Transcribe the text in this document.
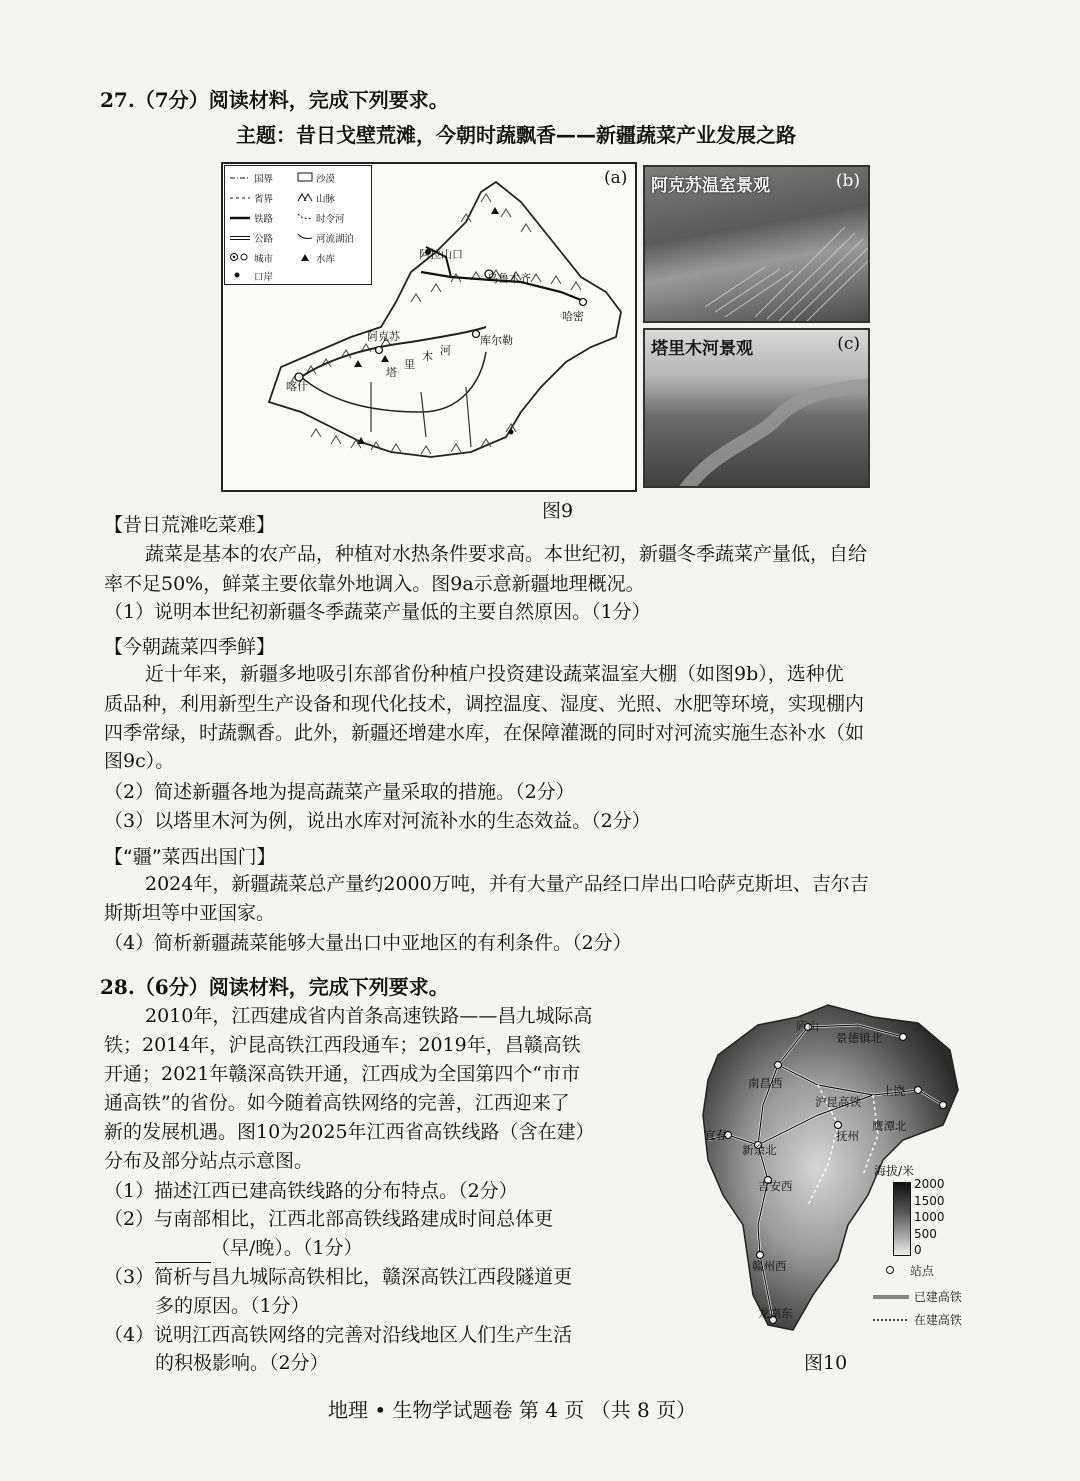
27.（7分）阅读材料，完成下列要求。
主题：昔日戈壁荒滩，今朝时蔬飘香——新疆蔬菜产业发展之路
国界	沙漠
省界	山脉
铁路	时令河
公路	河流湖泊
城市	水库
口岸
(a)
阿拉山口
乌鲁木齐
哈密
喀什
阿克苏	库尔勒
塔
里
木 河
阿克苏温室景观	(b)
塔里木河景观	(c)
图9
【昔日荒滩吃菜难】
蔬菜是基本的农产品，种植对水热条件要求高。本世纪初，新疆冬季蔬菜产量低，自给
率不足50%，鲜菜主要依靠外地调入。图9a示意新疆地理概况。
（1）说明本世纪初新疆冬季蔬菜产量低的主要自然原因。（1分）
【今朝蔬菜四季鲜】
近十年来，新疆多地吸引东部省份种植户投资建设蔬菜温室大棚（如图9b），选种优
质品种，利用新型生产设备和现代化技术，调控温度、湿度、光照、水肥等环境，实现棚内
四季常绿，时蔬飘香。此外，新疆还增建水库，在保障灌溉的同时对河流实施生态补水（如
图9c）。
（2）简述新疆各地为提高蔬菜产量采取的措施。（2分）
（3）以塔里木河为例，说出水库对河流补水的生态效益。（2分）
【“疆”菜西出国门】
2024年，新疆蔬菜总产量约2000万吨，并有大量产品经口岸出口哈萨克斯坦、吉尔吉
斯斯坦等中亚国家。
（4）简析新疆蔬菜能够大量出口中亚地区的有利条件。（2分）
28.（6分）阅读材料，完成下列要求。
2010年，江西建成省内首条高速铁路——昌九城际高
铁；2014年，沪昆高铁江西段通车；2019年，昌赣高铁
开通；2021年赣深高铁开通，江西成为全国第四个“市市
通高铁”的省份。如今随着高铁网络的完善，江西迎来了
新的发展机遇。图10为2025年江西省高铁线路（含在建）
分布及部分站点示意图。
（1）描述江西已建高铁线路的分布特点。（2分）
（2）与南部相比，江西北部高铁线路建成时间总体更
（早/晚）。（1分）
（3）简析与昌九城际高铁相比，赣深高铁江西段隧道更
多的原因。（1分）
（4）说明江西高铁网络的完善对沿线地区人们生产生活
的积极影响。（2分）
庐山
景德镇北
南昌西
沪昆高铁
上饶
鹰潭北
抚州
宜春
新余北
吉安西
赣州西
龙南东
海拔/米
2000
1500
1000
500
0
站点
已建高铁
在建高铁
图10
地理 • 生物学试题卷 第 4 页 （共 8 页）
